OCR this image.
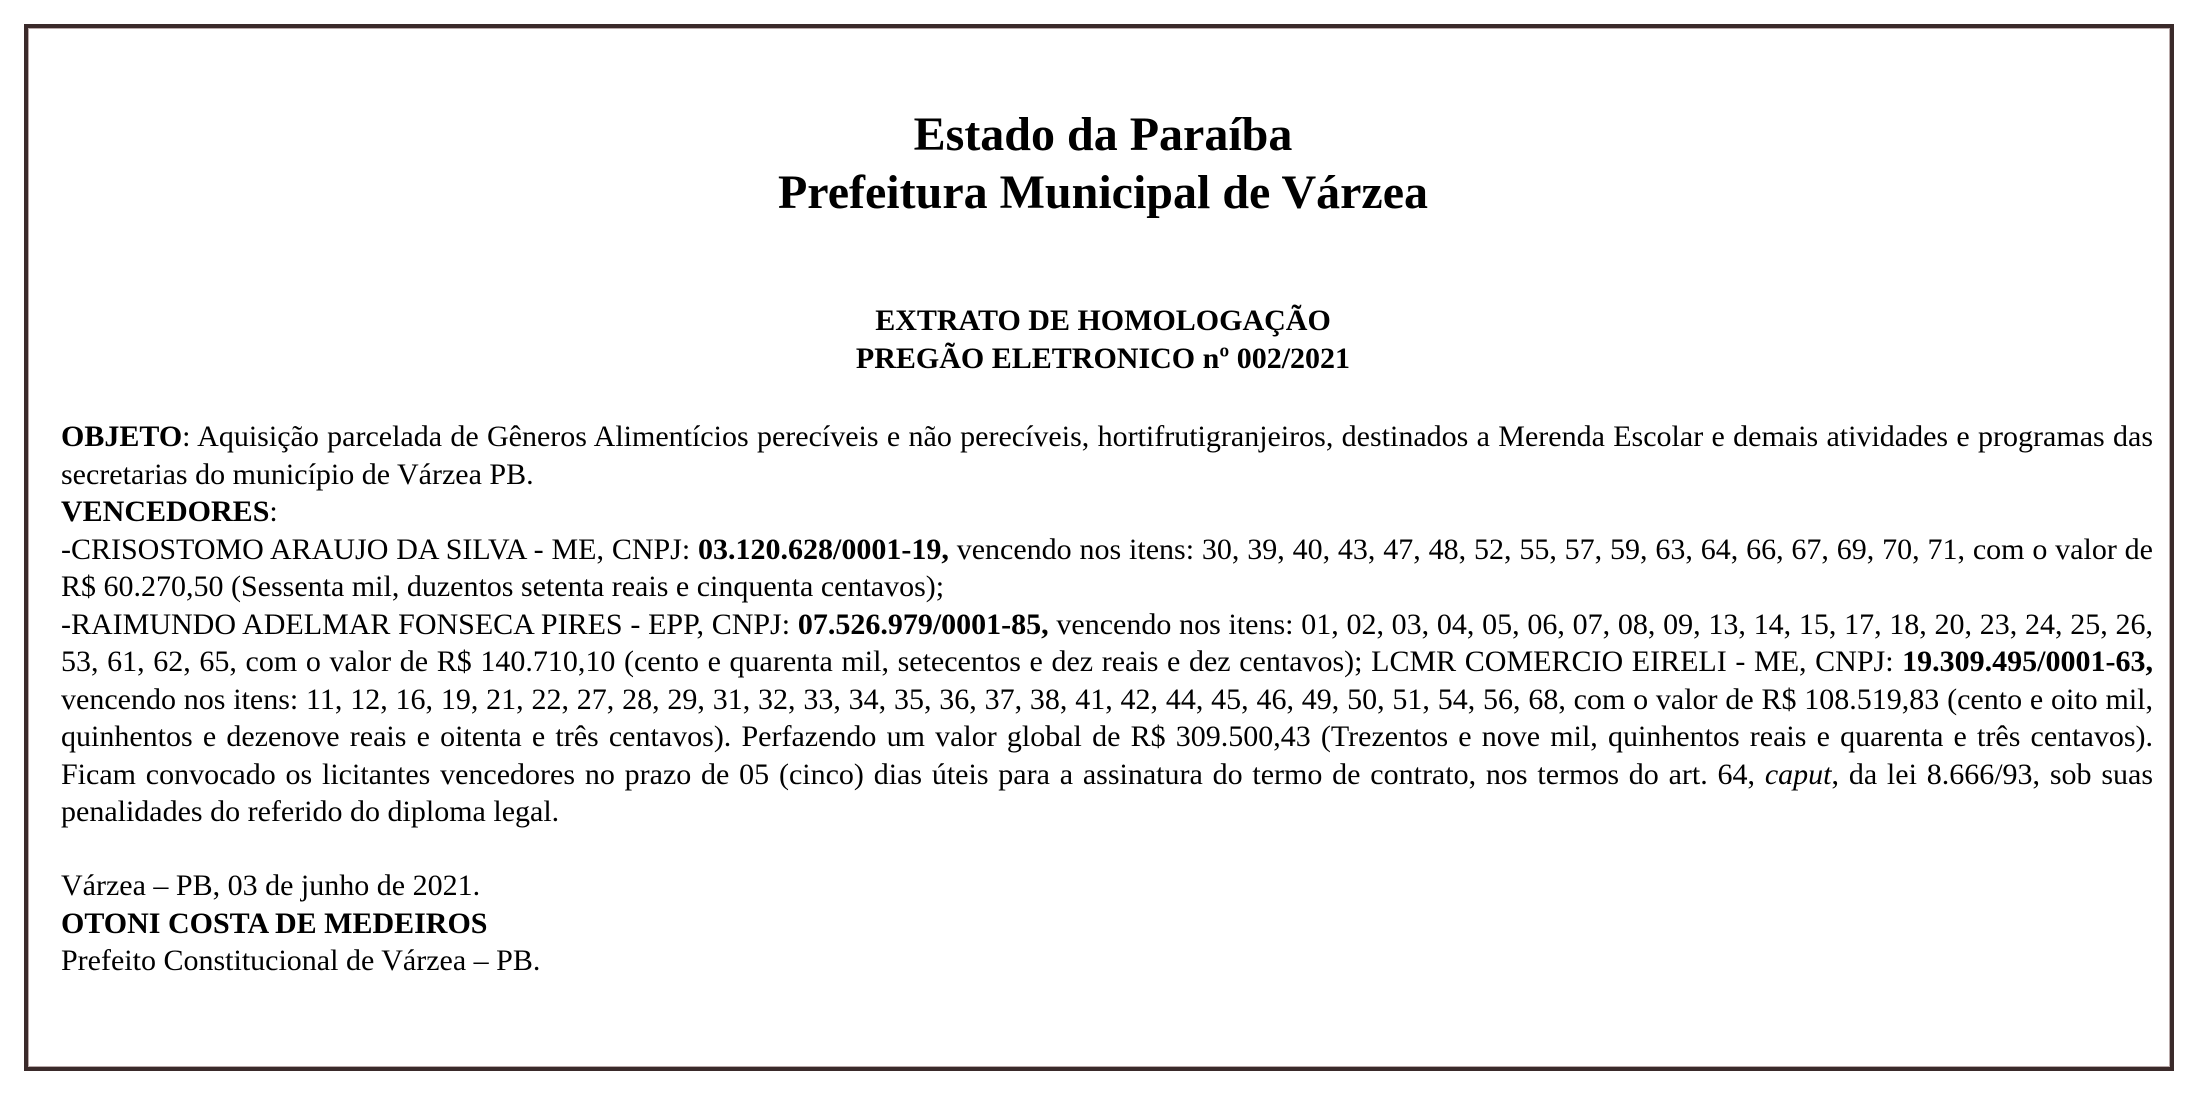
Estado da Paraíba
Prefeitura Municipal de Várzea
EXTRATO DE HOMOLOGAÇÃO
PREGÃO ELETRONICO nº 002/2021

OBJETO: Aquisição parcelada de Gêneros Alimentícios perecíveis e não perecíveis, hortifrutigranjeiros, destinados a Merenda Escolar e demais atividades e programas das secretarias do município de Várzea PB.

VENCEDORES:

-CRISOSTOMO ARAUJO DA SILVA - ME, CNPJ: 03.120.628/0001-19, vencendo nos itens: 30, 39, 40, 43, 47, 48, 52, 55, 57, 59, 63, 64, 66, 67, 69, 70, 71, com o valor de R$ 60.270,50 (Sessenta mil, duzentos setenta reais e cinquenta centavos);

-RAIMUNDO ADELMAR FONSECA PIRES - EPP, CNPJ: 07.526.979/0001-85, vencendo nos itens: 01, 02, 03, 04, 05, 06, 07, 08, 09, 13, 14, 15, 17, 18, 20, 23, 24, 25, 26, 53, 61, 62, 65, com o valor de R$ 140.710,10 (cento e quarenta mil, setecentos e dez reais e dez centavos); LCMR COMERCIO EIRELI - ME, CNPJ: 19.309.495/0001-63, vencendo nos itens: 11, 12, 16, 19, 21, 22, 27, 28, 29, 31, 32, 33, 34, 35, 36, 37, 38, 41, 42, 44, 45, 46, 49, 50, 51, 54, 56, 68, com o valor de R$ 108.519,83 (cento e oito mil, quinhentos e dezenove reais e oitenta e três centavos). Perfazendo um valor global de R$ 309.500,43 (Trezentos e nove mil, quinhentos reais e quarenta e três centavos). Ficam convocado os licitantes vencedores no prazo de 05 (cinco) dias úteis para a assinatura do termo de contrato, nos termos do art. 64, caput, da lei 8.666/93, sob suas penalidades do referido do diploma legal.

Várzea – PB, 03 de junho de 2021.
OTONI COSTA DE MEDEIROS
Prefeito Constitucional de Várzea – PB.
